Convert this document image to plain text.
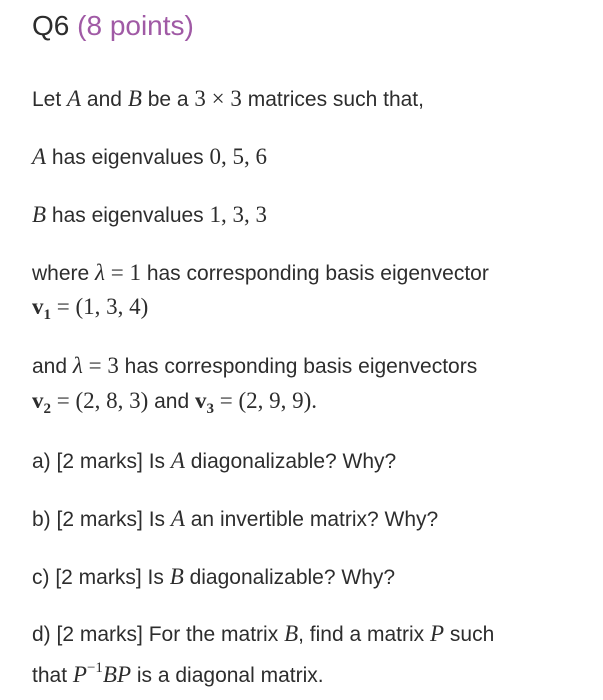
Q6 (8 points)
Let A and B be a 3 × 3 matrices such that,
A has eigenvalues 0, 5, 6
B has eigenvalues 1, 3, 3
where λ = 1 has corresponding basis eigenvector
$v_1 = (1$, 3, 4)
and λ = 3 has corresponding basis eigenvectors
$v_2 = (2$, 8, 3) and $v_3 = (2$, 9, 9).
a) [2 marks] Is A diagonalizable? Why?
b) [2 marks] Is A an invertible matrix? Why?
c) [2 marks] Is B diagonalizable? Why?
d) [2 marks] For the matrix B, find a matrix P such
that $P^{-1}BP$ is a diagonal matrix.
